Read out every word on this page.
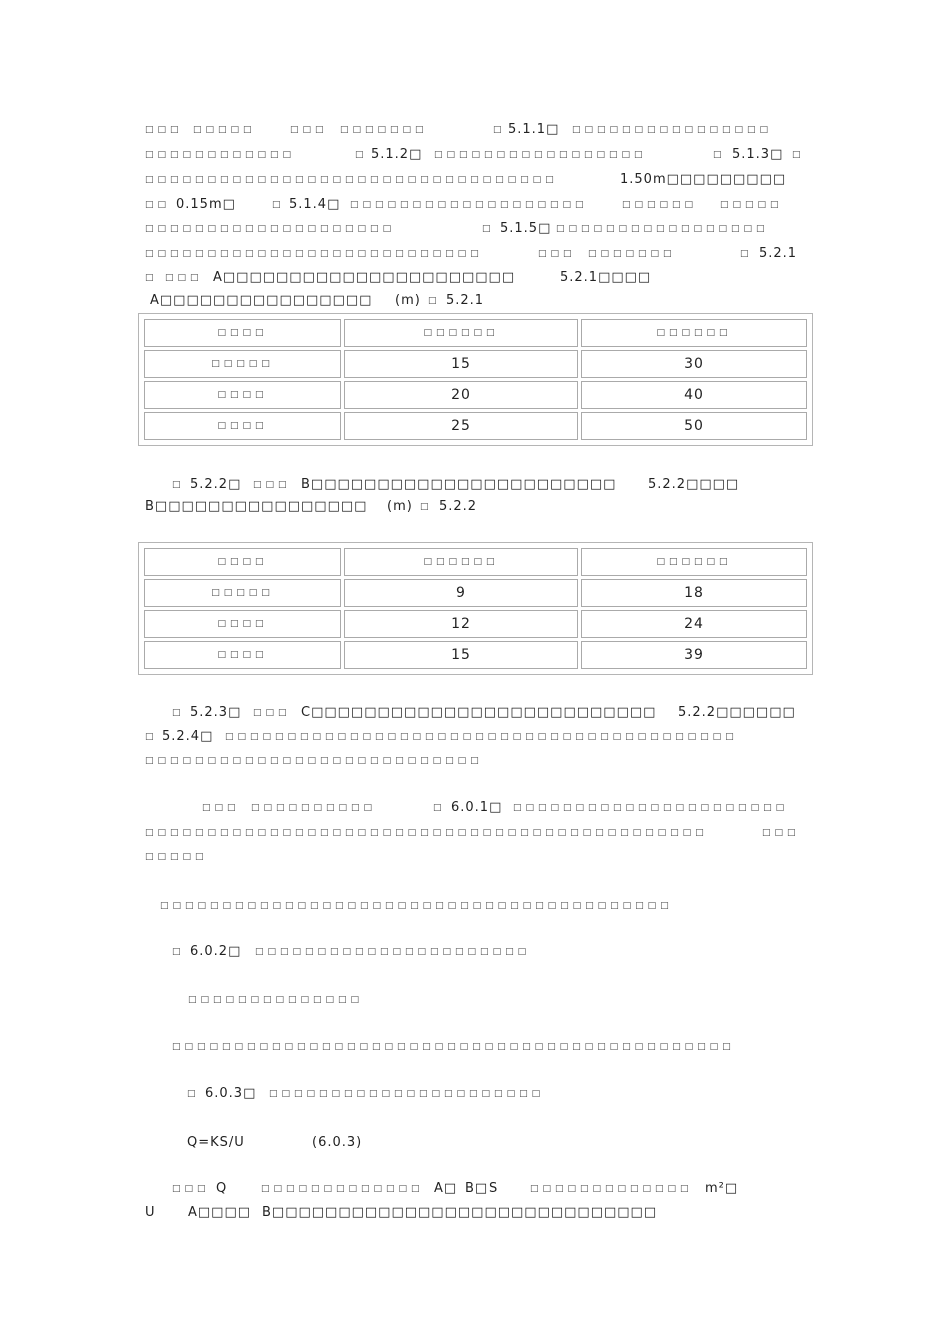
□□□ □□□□□	□□□ □□□□□□□	□ 5.1.1□ □□□□□□□□□□□□□□□□
□□□□□□□□□□□□	□ 5.1.2□ □□□□□□□□□□□□□□□□□	□ 5.1.3□ □
□□□□□□□□□□□□□□□□□□□□□□□□□□□□□□□□□	1.50m□□□□□□□□□
□□ 0.15m□	□ 5.1.4□ □□□□□□□□□□□□□□□□□□□	□□□□□□	□□□□□
□□□□□□□□□□□□□□□□□□□□	□ 5.1.5□ □□□□□□□□□□□□□□□□□
□□□□□□□□□□□□□□□□□□□□□□□□□□□	□□□ □□□□□□□	□ 5.2.1
□ □□□ A□□□□□□□□□□□□□□□□□□□□□□	5.2.1□□□□
A□□□□□□□□□□□□□□□□ (m) □ 5.2.1
□□□□	□□□□□□	□□□□□□
□□□□□	15	30
□□□□	20	40
□□□□	25	50
□ 5.2.2□ □□□ B□□□□□□□□□□□□□□□□□□□□□□□ 5.2.2□□□□
B□□□□□□□□□□□□□□□□ (m) □ 5.2.2
□□□□	□□□□□□	□□□□□□
□□□□□	9	18
□□□□	12	24
□□□□	15	39
□ 5.2.3□ □□□ C□□□□□□□□□□□□□□□□□□□□□□□□□□ 5.2.2□□□□□□
□ 5.2.4□ □□□□□□□□□□□□□□□□□□□□□□□□□□□□□□□□□□□□□□□□□
□□□□□□□□□□□□□□□□□□□□□□□□□□□
□□□ □□□□□□□□□□	□ 6.0.1□ □□□□□□□□□□□□□□□□□□□□□□
□□□□□□□□□□□□□□□□□□□□□□□□□□□□□□□□□□□□□□□□□□□□□	□□□
□□□□□
□□□□□□□□□□□□□□□□□□□□□□□□□□□□□□□□□□□□□□□□□
□ 6.0.2□ □□□□□□□□□□□□□□□□□□□□□□
□□□□□□□□□□□□□□
□□□□□□□□□□□□□□□□□□□□□□□□□□□□□□□□□□□□□□□□□□□□□
□ 6.0.3□ □□□□□□□□□□□□□□□□□□□□□□
Q=KS/U	(6.0.3)
□□□ Q	□□□□□□□□□□□□□ A□ B□ S	□□□□□□□□□□□□□ m²□
U A□□□□ B□□□□□□□□□□□□□□□□□□□□□□□□□□□□□
